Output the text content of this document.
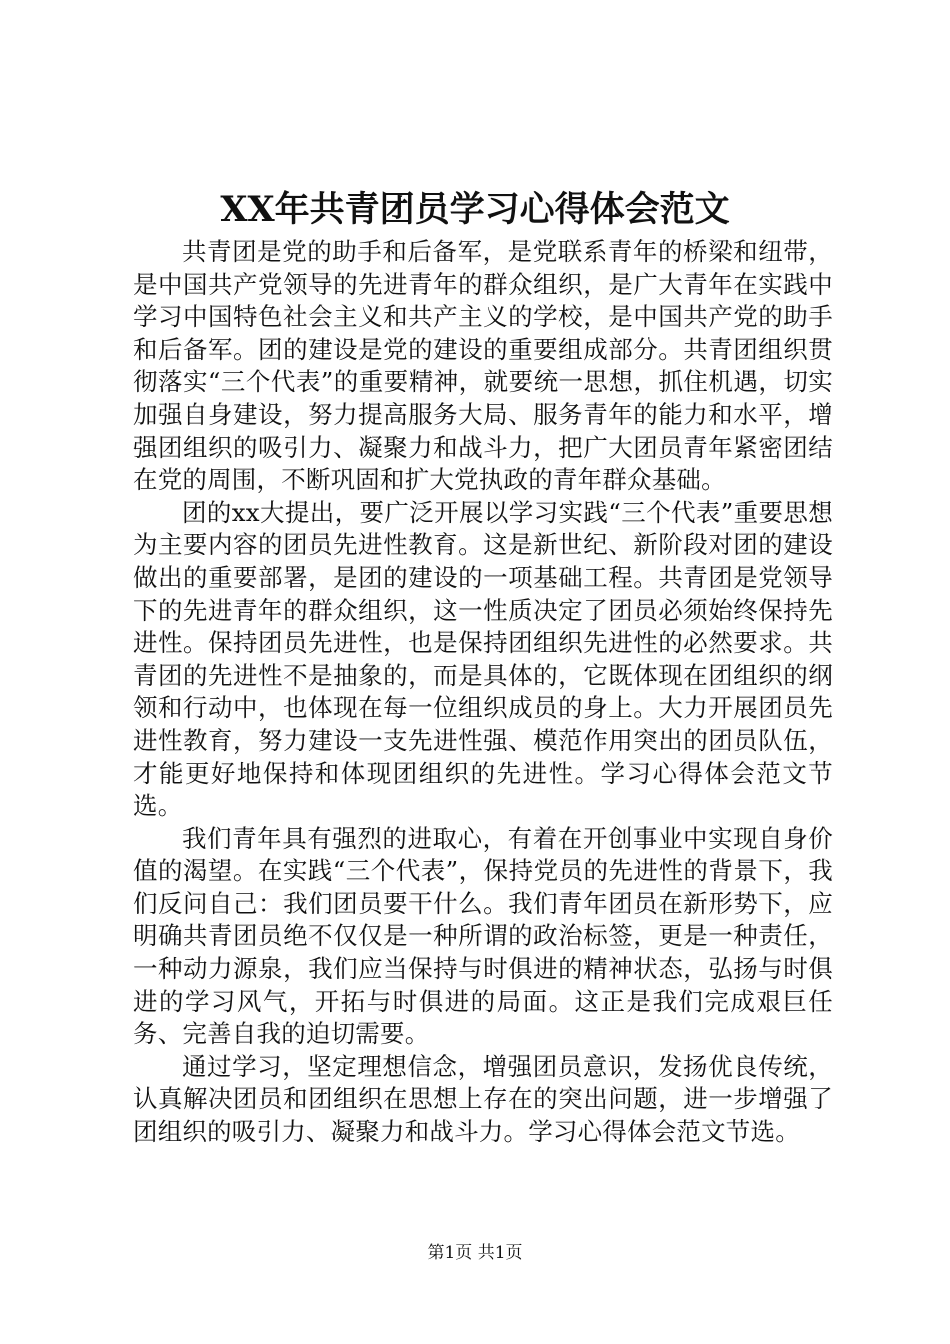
XX年共青团员学习心得体会范文

共青团是党的助手和后备军，是党联系青年的桥梁和纽带，是中国共产党领导的先进青年的群众组织，是广大青年在实践中学习中国特色社会主义和共产主义的学校，是中国共产党的助手和后备军。团的建设是党的建设的重要组成部分。共青团组织贯彻落实“三个代表”的重要精神，就要统一思想，抓住机遇，切实加强自身建设，努力提高服务大局、服务青年的能力和水平，增强团组织的吸引力、凝聚力和战斗力，把广大团员青年紧密团结在党的周围，不断巩固和扩大党执政的青年群众基础。

团的xx大提出，要广泛开展以学习实践“三个代表”重要思想为主要内容的团员先进性教育。这是新世纪、新阶段对团的建设做出的重要部署，是团的建设的一项基础工程。共青团是党领导下的先进青年的群众组织，这一性质决定了团员必须始终保持先进性。保持团员先进性，也是保持团组织先进性的必然要求。共青团的先进性不是抽象的，而是具体的，它既体现在团组织的纲领和行动中，也体现在每一位组织成员的身上。大力开展团员先进性教育，努力建设一支先进性强、模范作用突出的团员队伍，才能更好地保持和体现团组织的先进性。学习心得体会范文节选。

我们青年具有强烈的进取心，有着在开创事业中实现自身价值的渴望。在实践“三个代表”，保持党员的先进性的背景下，我们反问自己：我们团员要干什么。我们青年团员在新形势下，应明确共青团员绝不仅仅是一种所谓的政治标签，更是一种责任，一种动力源泉，我们应当保持与时俱进的精神状态，弘扬与时俱进的学习风气，开拓与时俱进的局面。这正是我们完成艰巨任务、完善自我的迫切需要。

通过学习，坚定理想信念，增强团员意识，发扬优良传统，认真解决团员和团组织在思想上存在的突出问题，进一步增强了团组织的吸引力、凝聚力和战斗力。学习心得体会范文节选。

第1页 共1页
